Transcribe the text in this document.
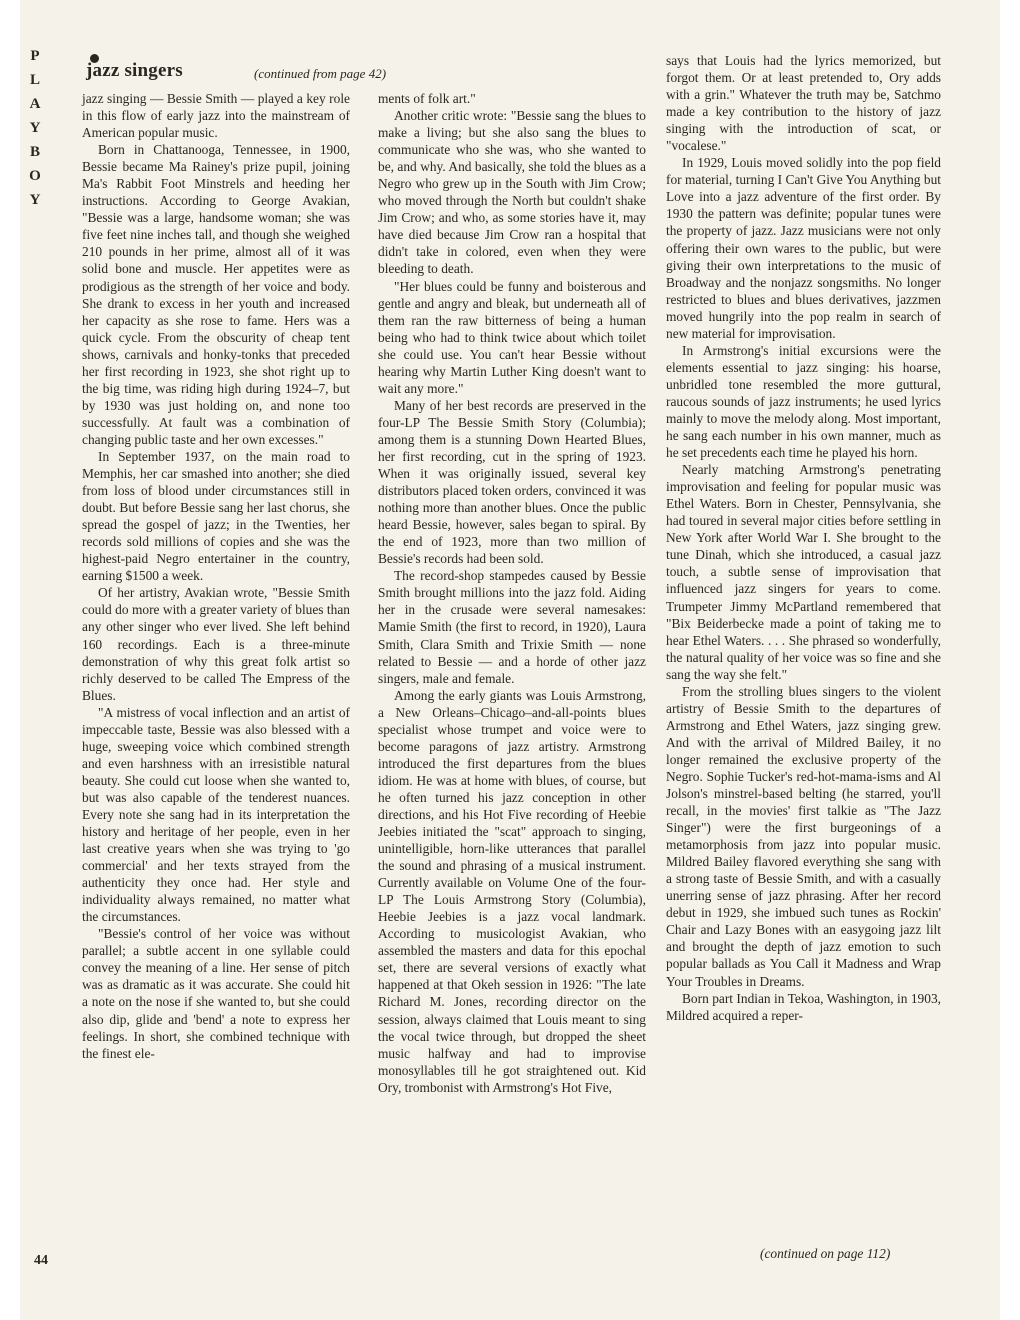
P
L
A
Y
B
O
Y
jazz singers	(continued from page 42)

jazz singing — Bessie Smith — played a key role in this flow of early jazz into the mainstream of American popular music.

Born in Chattanooga, Tennessee, in 1900, Bessie became Ma Rainey's prize pupil, joining Ma's Rabbit Foot Minstrels and heeding her instructions. According to George Avakian, "Bessie was a large, handsome woman; she was five feet nine inches tall, and though she weighed 210 pounds in her prime, almost all of it was solid bone and muscle. Her appetites were as prodigious as the strength of her voice and body. She drank to excess in her youth and increased her capacity as she rose to fame. Hers was a quick cycle. From the obscurity of cheap tent shows, carnivals and honky-tonks that preceded her first recording in 1923, she shot right up to the big time, was riding high during 1924–7, but by 1930 was just holding on, and none too successfully. At fault was a combination of changing public taste and her own excesses."

In September 1937, on the main road to Memphis, her car smashed into another; she died from loss of blood under circumstances still in doubt. But before Bessie sang her last chorus, she spread the gospel of jazz; in the Twenties, her records sold millions of copies and she was the highest-paid Negro entertainer in the country, earning $1500 a week.

Of her artistry, Avakian wrote, "Bessie Smith could do more with a greater variety of blues than any other singer who ever lived. She left behind 160 recordings. Each is a three-minute demonstration of why this great folk artist so richly deserved to be called The Empress of the Blues.

"A mistress of vocal inflection and an artist of impeccable taste, Bessie was also blessed with a huge, sweeping voice which combined strength and even harshness with an irresistible natural beauty. She could cut loose when she wanted to, but was also capable of the tenderest nuances. Every note she sang had in its interpretation the history and heritage of her people, even in her last creative years when she was trying to 'go commercial' and her texts strayed from the authenticity they once had. Her style and individuality always remained, no matter what the circumstances.

"Bessie's control of her voice was without parallel; a subtle accent in one syllable could convey the meaning of a line. Her sense of pitch was as dramatic as it was accurate. She could hit a note on the nose if she wanted to, but she could also dip, glide and 'bend' a note to express her feelings. In short, she combined technique with the finest ele-

ments of folk art."

Another critic wrote: "Bessie sang the blues to make a living; but she also sang the blues to communicate who she was, who she wanted to be, and why. And basically, she told the blues as a Negro who grew up in the South with Jim Crow; who moved through the North but couldn't shake Jim Crow; and who, as some stories have it, may have died because Jim Crow ran a hospital that didn't take in colored, even when they were bleeding to death.

"Her blues could be funny and boisterous and gentle and angry and bleak, but underneath all of them ran the raw bitterness of being a human being who had to think twice about which toilet she could use. You can't hear Bessie without hearing why Martin Luther King doesn't want to wait any more."

Many of her best records are preserved in the four-LP The Bessie Smith Story (Columbia); among them is a stunning Down Hearted Blues, her first recording, cut in the spring of 1923. When it was originally issued, several key distributors placed token orders, convinced it was nothing more than another blues. Once the public heard Bessie, however, sales began to spiral. By the end of 1923, more than two million of Bessie's records had been sold.

The record-shop stampedes caused by Bessie Smith brought millions into the jazz fold. Aiding her in the crusade were several namesakes: Mamie Smith (the first to record, in 1920), Laura Smith, Clara Smith and Trixie Smith — none related to Bessie — and a horde of other jazz singers, male and female.

Among the early giants was Louis Armstrong, a New Orleans–Chicago–and-all-points blues specialist whose trumpet and voice were to become paragons of jazz artistry. Armstrong introduced the first departures from the blues idiom. He was at home with blues, of course, but he often turned his jazz conception in other directions, and his Hot Five recording of Heebie Jeebies initiated the "scat" approach to singing, unintelligible, horn-like utterances that parallel the sound and phrasing of a musical instrument. Currently available on Volume One of the four-LP The Louis Armstrong Story (Columbia), Heebie Jeebies is a jazz vocal landmark. According to musicologist Avakian, who assembled the masters and data for this epochal set, there are several versions of exactly what happened at that Okeh session in 1926: "The late Richard M. Jones, recording director on the session, always claimed that Louis meant to sing the vocal twice through, but dropped the sheet music halfway and had to improvise monosyllables till he got straightened out. Kid Ory, trombonist with Armstrong's Hot Five,

says that Louis had the lyrics memorized, but forgot them. Or at least pretended to, Ory adds with a grin." Whatever the truth may be, Satchmo made a key contribution to the history of jazz singing with the introduction of scat, or "vocalese."

In 1929, Louis moved solidly into the pop field for material, turning I Can't Give You Anything but Love into a jazz adventure of the first order. By 1930 the pattern was definite; popular tunes were the property of jazz. Jazz musicians were not only offering their own wares to the public, but were giving their own interpretations to the music of Broadway and the nonjazz songsmiths. No longer restricted to blues and blues derivatives, jazzmen moved hungrily into the pop realm in search of new material for improvisation.

In Armstrong's initial excursions were the elements essential to jazz singing: his hoarse, unbridled tone resembled the more guttural, raucous sounds of jazz instruments; he used lyrics mainly to move the melody along. Most important, he sang each number in his own manner, much as he set precedents each time he played his horn.

Nearly matching Armstrong's penetrating improvisation and feeling for popular music was Ethel Waters. Born in Chester, Pennsylvania, she had toured in several major cities before settling in New York after World War I. She brought to the tune Dinah, which she introduced, a casual jazz touch, a subtle sense of improvisation that influenced jazz singers for years to come. Trumpeter Jimmy McPartland remembered that "Bix Beiderbecke made a point of taking me to hear Ethel Waters. . . . She phrased so wonderfully, the natural quality of her voice was so fine and she sang the way she felt."

From the strolling blues singers to the violent artistry of Bessie Smith to the departures of Armstrong and Ethel Waters, jazz singing grew. And with the arrival of Mildred Bailey, it no longer remained the exclusive property of the Negro. Sophie Tucker's red-hot-mama-isms and Al Jolson's minstrel-based belting (he starred, you'll recall, in the movies' first talkie as "The Jazz Singer") were the first burgeonings of a metamorphosis from jazz into popular music. Mildred Bailey flavored everything she sang with a strong taste of Bessie Smith, and with a casually unerring sense of jazz phrasing. After her record debut in 1929, she imbued such tunes as Rockin' Chair and Lazy Bones with an easygoing jazz lilt and brought the depth of jazz emotion to such popular ballads as You Call it Madness and Wrap Your Troubles in Dreams.

Born part Indian in Tekoa, Washington, in 1903, Mildred acquired a reper-

(continued on page 112)
44
